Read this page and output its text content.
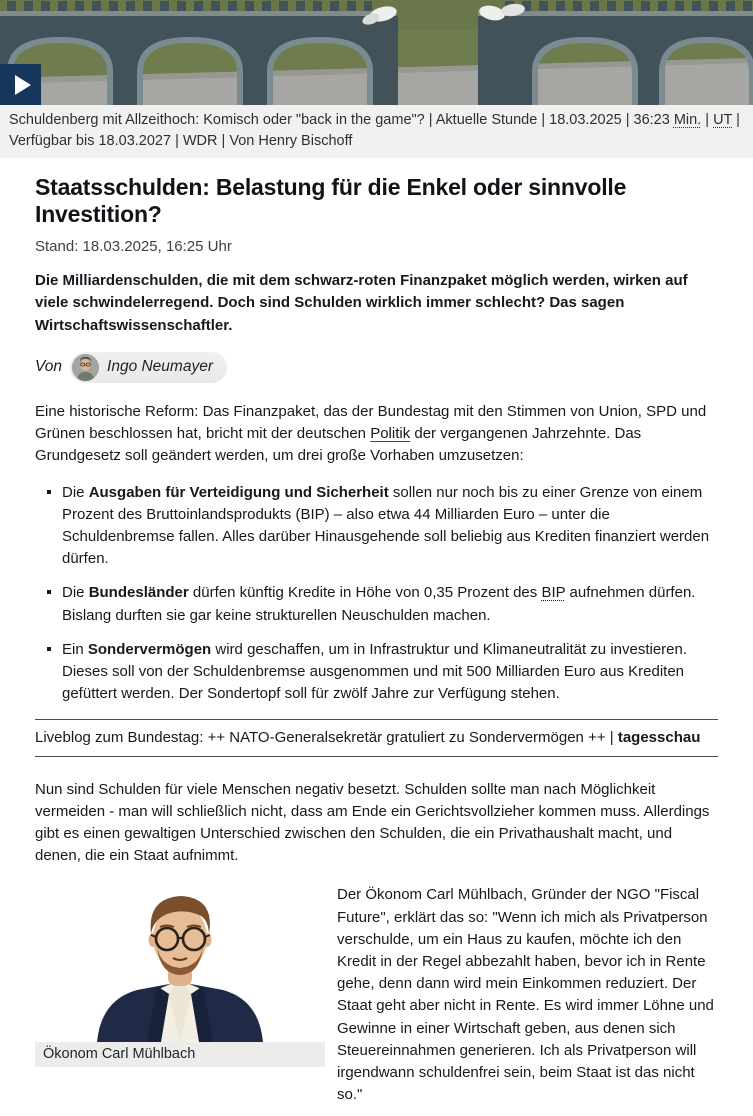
Schuldenberg mit Allzeithoch: Komisch oder "back in the game"? | Aktuelle Stunde | 18.03.2025 | 36:23 Min. | UT | Verfügbar bis 18.03.2027 | WDR | Von Henry Bischoff
Staatsschulden: Belastung für die Enkel oder sinnvolle Investition?

Stand: 18.03.2025, 16:25 Uhr

Die Milliardenschulden, die mit dem schwarz-roten Finanzpaket möglich werden, wirken auf viele schwindelerregend. Doch sind Schulden wirklich immer schlecht? Das sagen Wirtschaftswissenschaftler.

Von	Ingo Neumayer

Eine historische Reform: Das Finanzpaket, das der Bundestag mit den Stimmen von Union, SPD und Grünen beschlossen hat, bricht mit der deutschen Politik der vergangenen Jahrzehnte. Das Grundgesetz soll geändert werden, um drei große Vorhaben umzusetzen:

Die Ausgaben für Verteidigung und Sicherheit sollen nur noch bis zu einer Grenze von einem Prozent des Bruttoinlandsprodukts (BIP) – also etwa 44 Milliarden Euro – unter die Schuldenbremse fallen. Alles darüber Hinausgehende soll beliebig aus Krediten finanziert werden dürfen.
Die Bundesländer dürfen künftig Kredite in Höhe von 0,35 Prozent des BIP aufnehmen dürfen. Bislang durften sie gar keine strukturellen Neuschulden machen.
Ein Sondervermögen wird geschaffen, um in Infrastruktur und Klimaneutralität zu investieren. Dieses soll von der Schuldenbremse ausgenommen und mit 500 Milliarden Euro aus Krediten gefüttert werden. Der Sondertopf soll für zwölf Jahre zur Verfügung stehen.
Liveblog zum Bundestag: ++ NATO-Generalsekretär gratuliert zu Sondervermögen ++ | tagesschau

Nun sind Schulden für viele Menschen negativ besetzt. Schulden sollte man nach Möglichkeit vermeiden - man will schließlich nicht, dass am Ende ein Gerichtsvollzieher kommen muss. Allerdings gibt es einen gewaltigen Unterschied zwischen den Schulden, die ein Privathaushalt macht, und denen, die ein Staat aufnimmt.

Ökonom Carl Mühlbach

Der Ökonom Carl Mühlbach, Gründer der NGO "Fiscal Future", erklärt das so: "Wenn ich mich als Privatperson verschulde, um ein Haus zu kaufen, möchte ich den Kredit in der Regel abbezahlt haben, bevor ich in Rente gehe, denn dann wird mein Einkommen reduziert. Der Staat geht aber nicht in Rente. Es wird immer Löhne und Gewinne in einer Wirtschaft geben, aus denen sich Steuereinnahmen generieren. Ich als Privatperson will irgendwann schuldenfrei sein, beim Staat ist das nicht so."
